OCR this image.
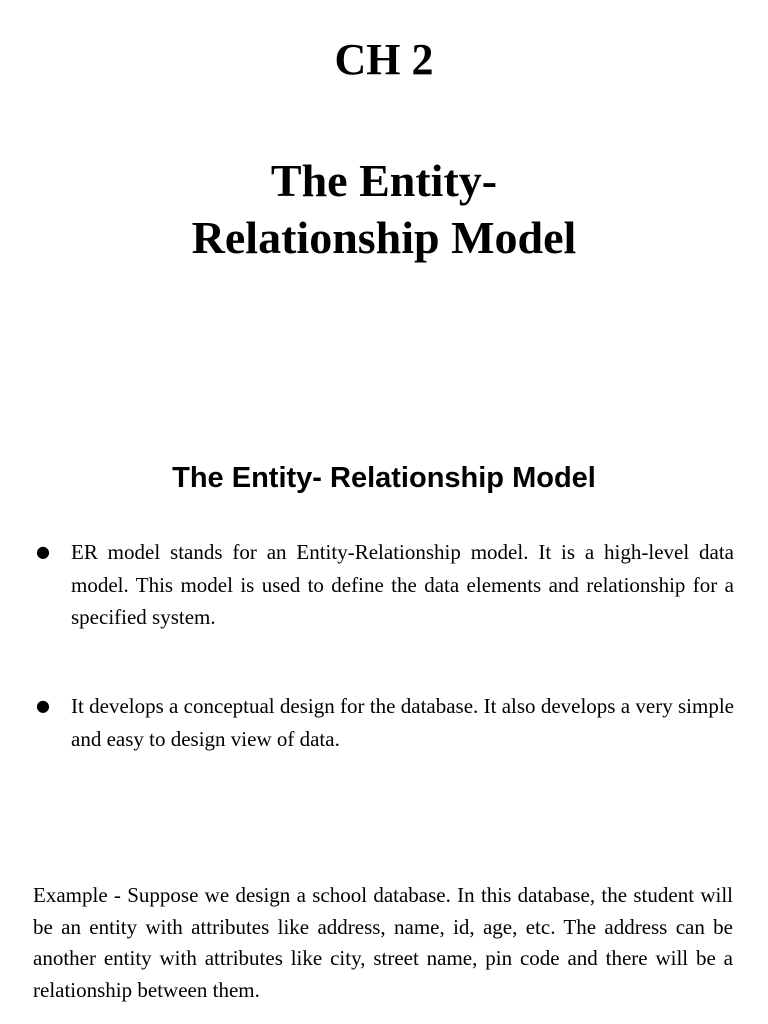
CH 2
The Entity-
Relationship Model
The Entity- Relationship Model
● ER model stands for an Entity-Relationship model. It is a high-level data model. This model is used to define the data elements and relationship for a specified system.
● It develops a conceptual design for the database. It also develops a very simple and easy to design view of data.

Example - Suppose we design a school database. In this database, the student will be an entity with attributes like address, name, id, age, etc. The address can be another entity with attributes like city, street name, pin code and there will be a relationship between them.
